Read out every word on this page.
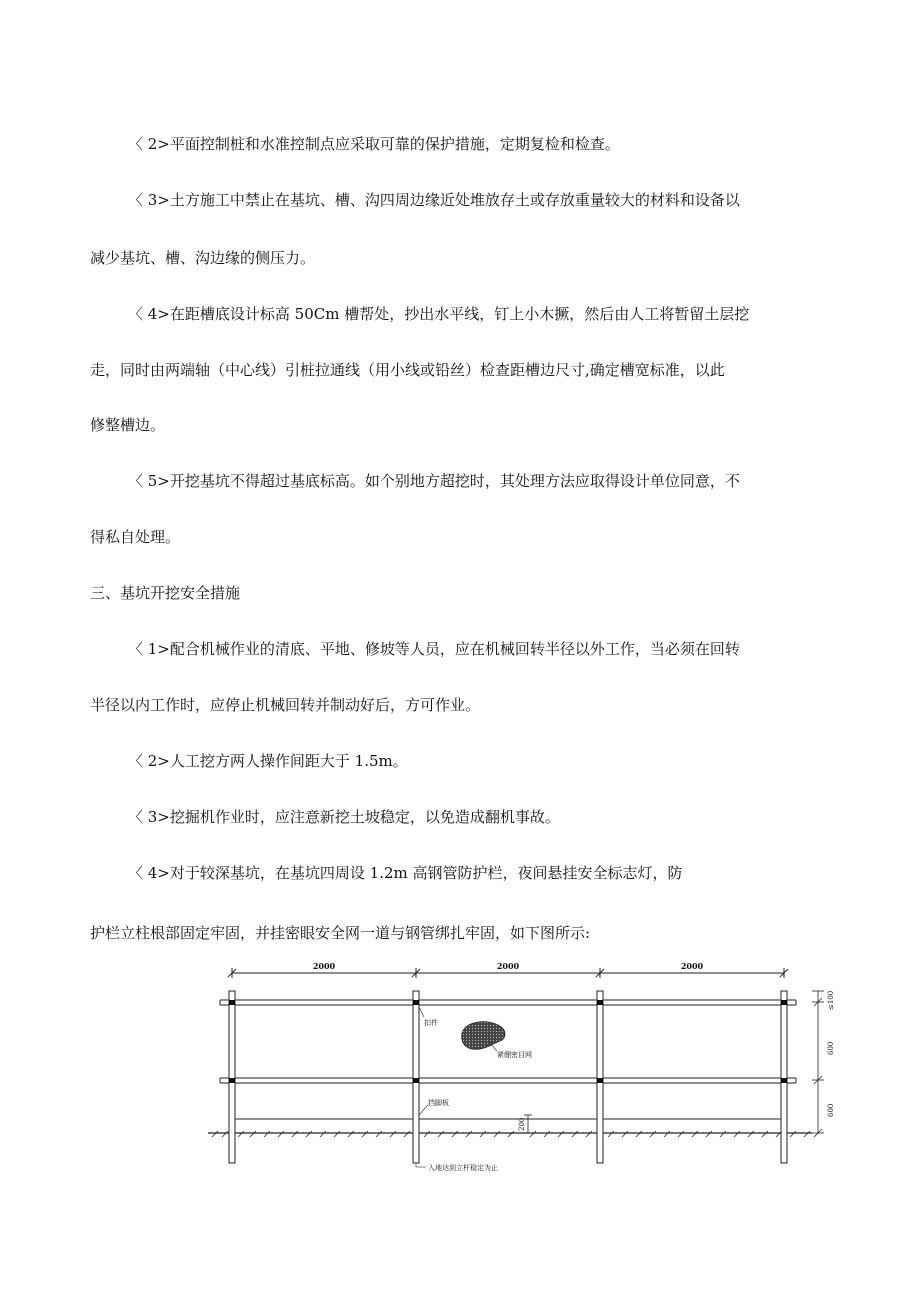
〈 2>平面控制桩和水准控制点应采取可靠的保护措施，定期复检和检查。

〈 3>土方施工中禁止在基坑、槽、沟四周边缘近处堆放存土或存放重量较大的材料和设备以

减少基坑、槽、沟边缘的侧压力。

〈 4>在距槽底设计标高 50Cm 槽帮处，抄出水平线，钉上小木撅，然后由人工将暂留土层挖

走，同时由两端轴（中心线）引桩拉通线（用小线或铅丝）检查距槽边尺寸,确定槽宽标准，以此

修整槽边。

〈 5>开挖基坑不得超过基底标高。如个别地方超挖时，其处理方法应取得设计单位同意，不

得私自处理。

三、基坑开挖安全措施

〈 1>配合机械作业的清底、平地、修坡等人员，应在机械回转半径以外工作，当必须在回转

半径以内工作时，应停止机械回转并制动好后，方可作业。

〈 2>人工挖方两人操作间距大于 1.5m。

〈 3>挖掘机作业时，应注意新挖土坡稳定，以免造成翻机事故。

〈 4>对于较深基坑，在基坑四周设 1.2m 高钢管防护栏，夜间悬挂安全标志灯，防

护栏立柱根部固定牢固，并挂密眼安全网一道与钢管绑扎牢固，如下图所示:

2000	2000	2000
扣件
紧绷密目网
挡脚板
入地达到立杆稳定为止
≤100
600
600
200
